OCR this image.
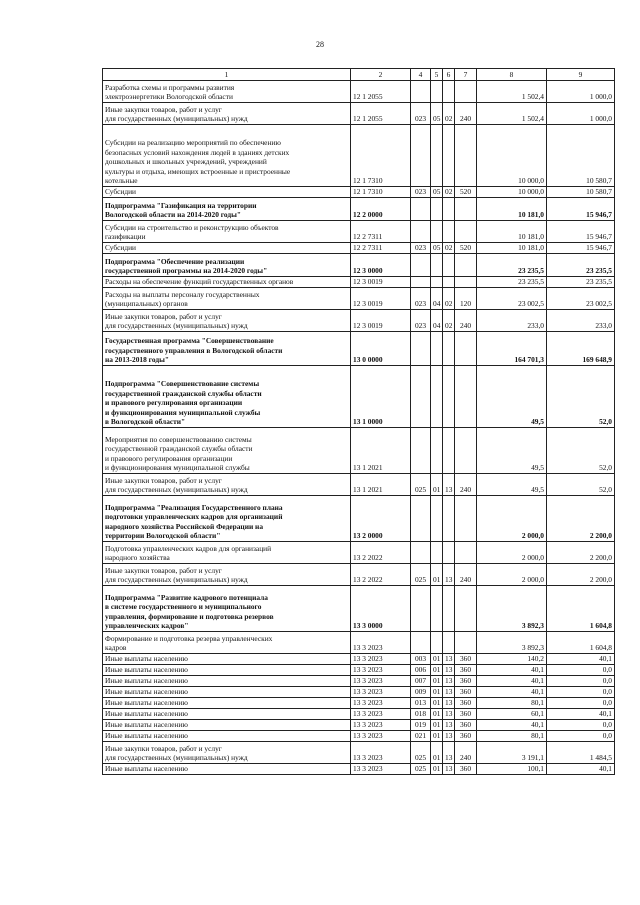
28
1	2	4	5	6	7	8	9
Разработка схемы и программы развития
электроэнергетики Вологодской области	12 1 2055					1 502,4	1 000,0
Иные закупки товаров, работ и услуг
для государственных (муниципальных) нужд	12 1 2055	023	05	02	240	1 502,4	1 000,0
Субсидии на реализацию мероприятий по обеспечению
безопасных условий нахождения людей в зданиях детских
дошкольных и школьных учреждений, учреждений
культуры и отдыха, имеющих встроенные и пристроенные
котельные	12 1 7310					10 000,0	10 580,7
Субсидии	12 1 7310	023	05	02	520	10 000,0	10 580,7
Подпрограмма "Газификация на территории
Вологодской области на 2014-2020 годы"	12 2 0000					10 181,0	15 946,7
Субсидии на строительство и реконструкцию объектов
газификации	12 2 7311					10 181,0	15 946,7
Субсидии	12 2 7311	023	05	02	520	10 181,0	15 946,7
Подпрограмма "Обеспечение реализации
государственной программы на 2014-2020 годы"	12 3 0000					23 235,5	23 235,5
Расходы на обеспечение функций государственных органов	12 3 0019					23 235,5	23 235,5
Расходы на выплаты персоналу государственных
(муниципальных) органов	12 3 0019	023	04	02	120	23 002,5	23 002,5
Иные закупки товаров, работ и услуг
для государственных (муниципальных) нужд	12 3 0019	023	04	02	240	233,0	233,0
Государственная программа "Совершенствование
государственного управления в Вологодской области
на 2013-2018 годы"	13 0 0000					164 701,3	169 648,9
Подпрограмма "Совершенствование системы
государственной гражданской службы области
и правового регулирования организации
и функционирования муниципальной службы
в Вологодской области"	13 1 0000					49,5	52,0
Мероприятия по совершенствованию системы
государственной гражданской службы области
и правового регулирования организации
и функционирования муниципальной службы	13 1 2021					49,5	52,0
Иные закупки товаров, работ и услуг
для государственных (муниципальных) нужд	13 1 2021	025	01	13	240	49,5	52,0
Подпрограмма "Реализация Государственного плана
подготовки управленческих кадров для организаций
народного хозяйства Российской Федерации на
территории Вологодской области"	13 2 0000					2 000,0	2 200,0
Подготовка управленческих кадров для организаций
народного хозяйства	13 2 2022					2 000,0	2 200,0
Иные закупки товаров, работ и услуг
для государственных (муниципальных) нужд	13 2 2022	025	01	13	240	2 000,0	2 200,0
Подпрограмма "Развитие кадрового потенциала
в системе государственного и муниципального
управления, формирование и подготовка резервов
управленческих кадров"	13 3 0000					3 892,3	1 604,8
Формирование и подготовка резерва управленческих
кадров	13 3 2023					3 892,3	1 604,8
Иные выплаты населению	13 3 2023	003	01	13	360	140,2	40,1
Иные выплаты населению	13 3 2023	006	01	13	360	40,1	0,0
Иные выплаты населению	13 3 2023	007	01	13	360	40,1	0,0
Иные выплаты населению	13 3 2023	009	01	13	360	40,1	0,0
Иные выплаты населению	13 3 2023	013	01	13	360	80,1	0,0
Иные выплаты населению	13 3 2023	018	01	13	360	60,1	40,1
Иные выплаты населению	13 3 2023	019	01	13	360	40,1	0,0
Иные выплаты населению	13 3 2023	021	01	13	360	80,1	0,0
Иные закупки товаров, работ и услуг
для государственных (муниципальных) нужд	13 3 2023	025	01	13	240	3 191,1	1 484,5
Иные выплаты населению	13 3 2023	025	01	13	360	100,1	40,1
